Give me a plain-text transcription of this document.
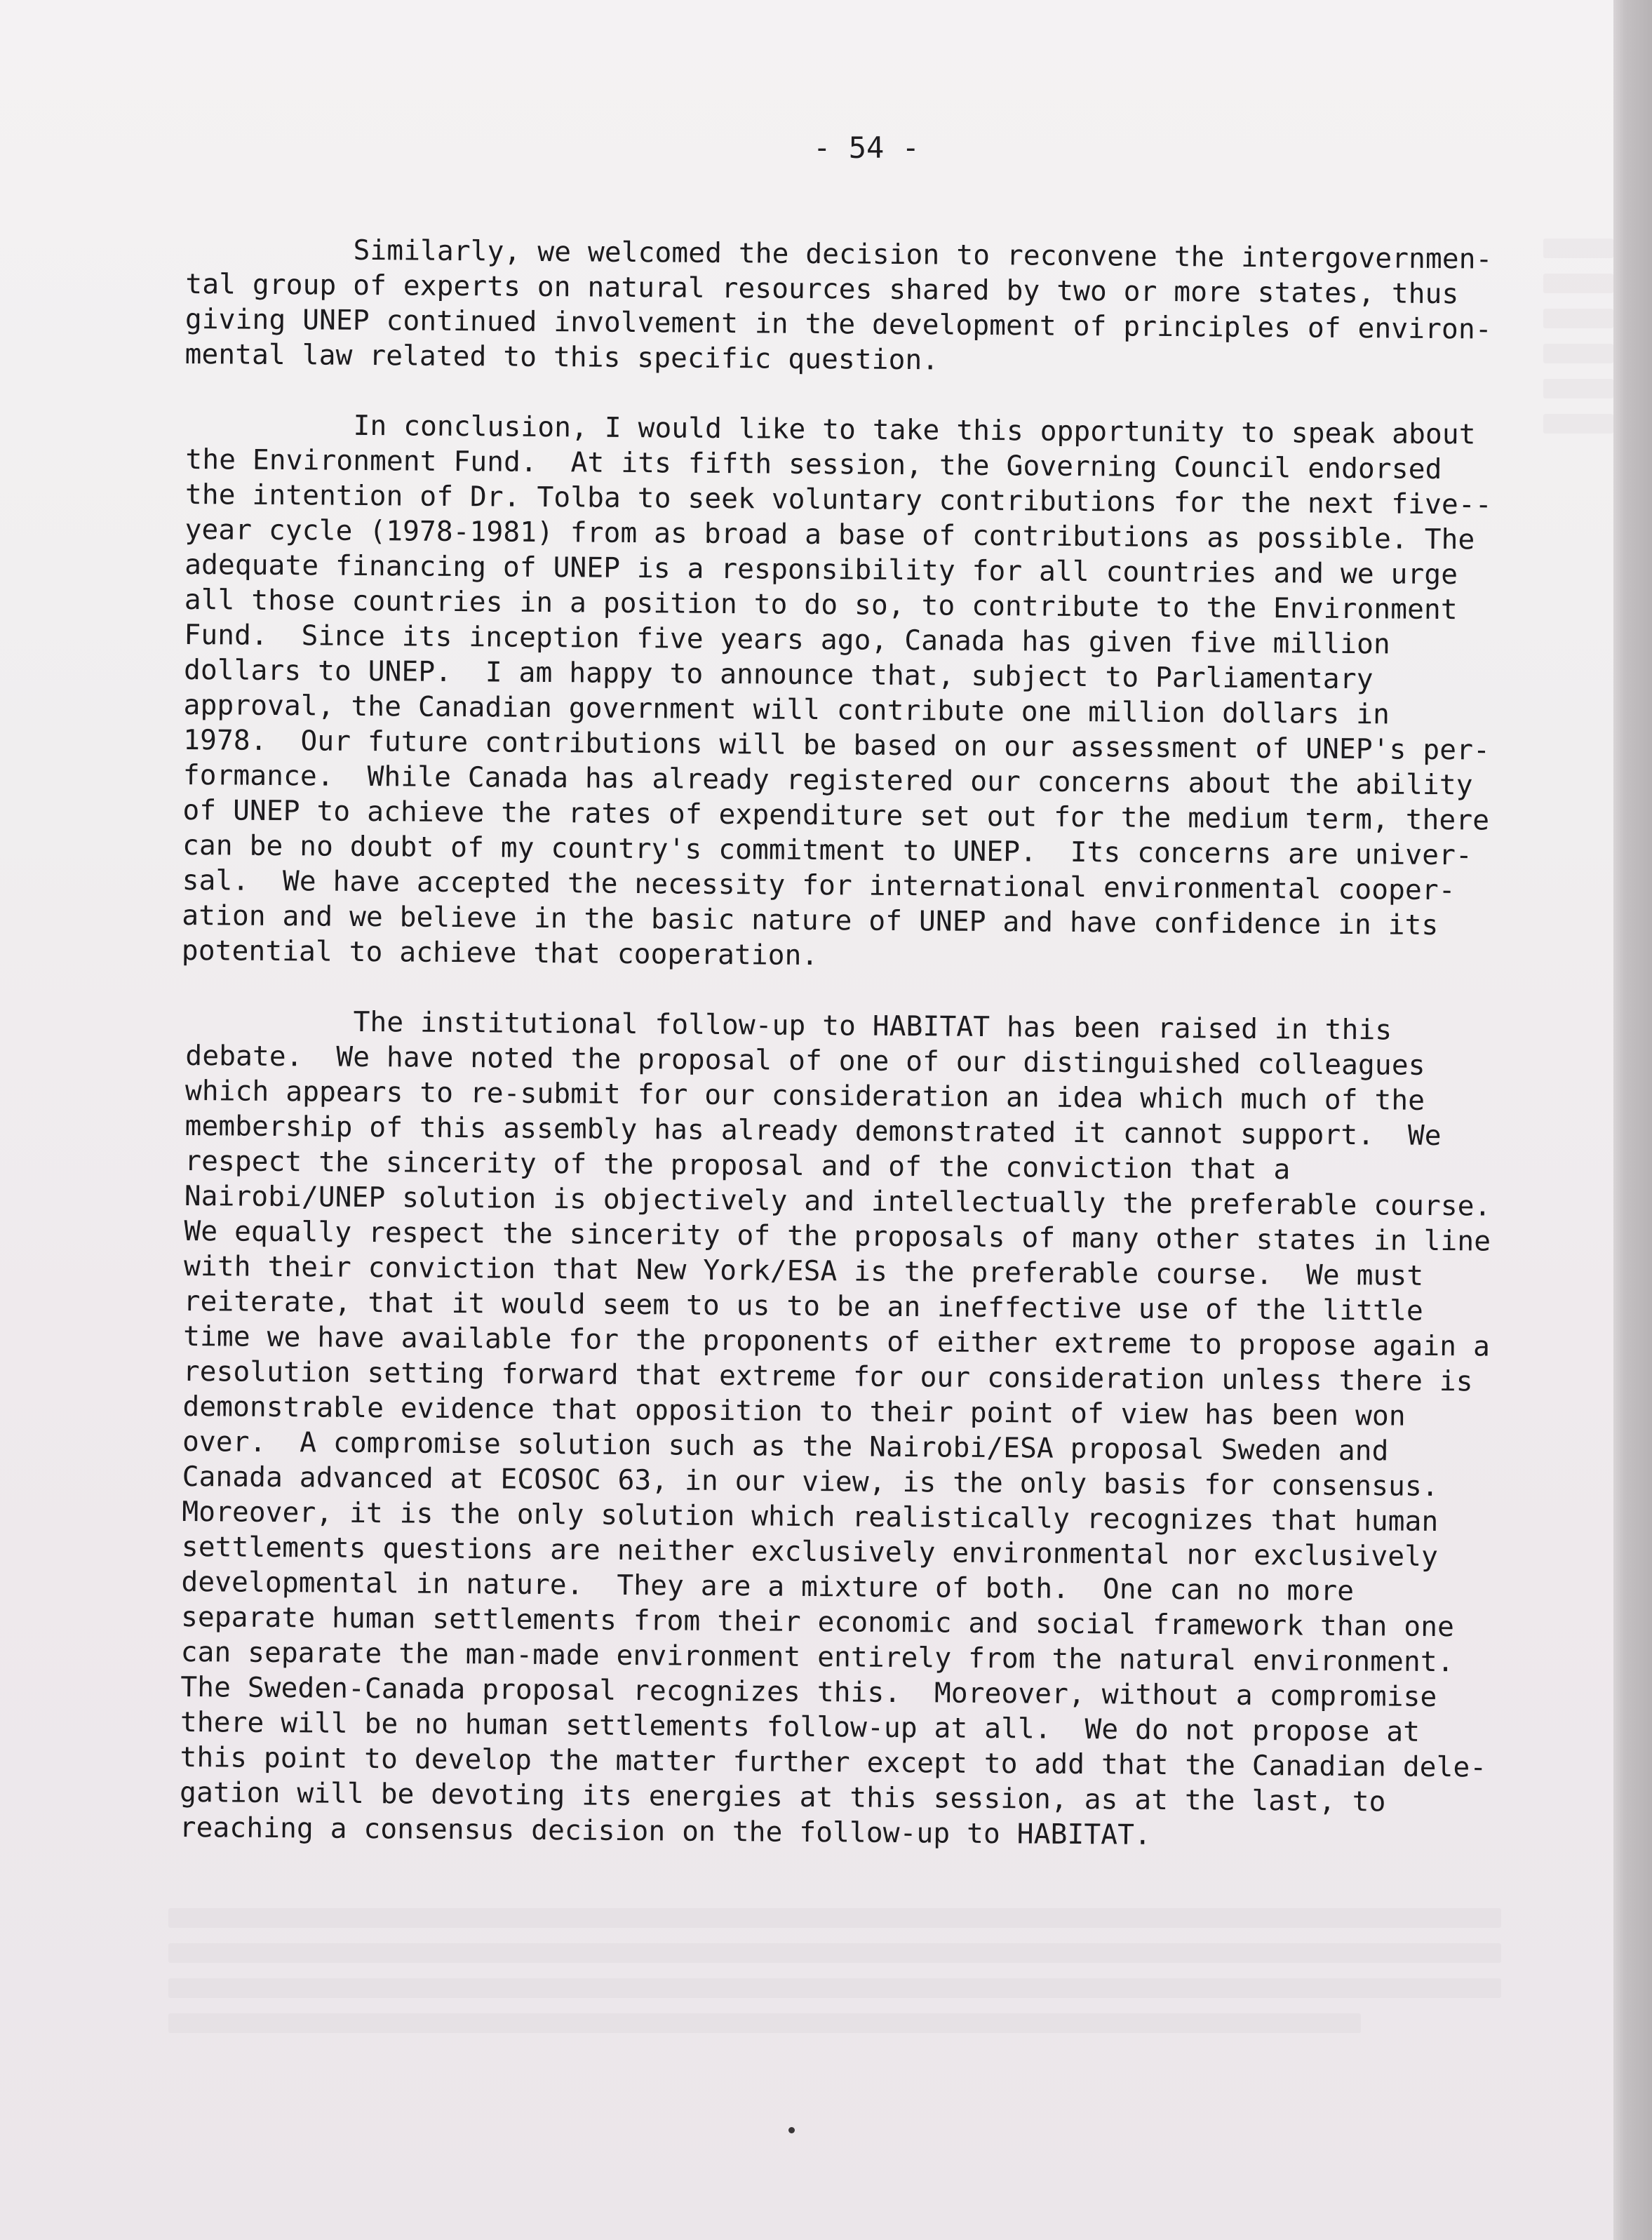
- 54 -

Similarly, we welcomed the decision to reconvene the intergovernmen-
tal group of experts on natural resources shared by two or more states, thus
giving UNEP continued involvement in the development of principles of environ-
mental law related to this specific question.

In conclusion, I would like to take this opportunity to speak about
the Environment Fund.  At its fifth session, the Governing Council endorsed
the intention of Dr. Tolba to seek voluntary contributions for the next five--
year cycle (1978-1981) from as broad a base of contributions as possible. The
adequate financing of UNEP is a responsibility for all countries and we urge
all those countries in a position to do so, to contribute to the Environment
Fund.  Since its inception five years ago, Canada has given five million
dollars to UNEP.  I am happy to announce that, subject to Parliamentary
approval, the Canadian government will contribute one million dollars in
1978.  Our future contributions will be based on our assessment of UNEP's per-
formance.  While Canada has already registered our concerns about the ability
of UNEP to achieve the rates of expenditure set out for the medium term, there
can be no doubt of my country's commitment to UNEP.  Its concerns are univer-
sal.  We have accepted the necessity for international environmental cooper-
ation and we believe in the basic nature of UNEP and have confidence in its
potential to achieve that cooperation.

The institutional follow-up to HABITAT has been raised in this
debate.  We have noted the proposal of one of our distinguished colleagues
which appears to re-submit for our consideration an idea which much of the
membership of this assembly has already demonstrated it cannot support.  We
respect the sincerity of the proposal and of the conviction that a
Nairobi/UNEP solution is objectively and intellectually the preferable course.
We equally respect the sincerity of the proposals of many other states in line
with their conviction that New York/ESA is the preferable course.  We must
reiterate, that it would seem to us to be an ineffective use of the little
time we have available for the proponents of either extreme to propose again a
resolution setting forward that extreme for our consideration unless there is
demonstrable evidence that opposition to their point of view has been won
over.  A compromise solution such as the Nairobi/ESA proposal Sweden and
Canada advanced at ECOSOC 63, in our view, is the only basis for consensus.
Moreover, it is the only solution which realistically recognizes that human
settlements questions are neither exclusively environmental nor exclusively
developmental in nature.  They are a mixture of both.  One can no more
separate human settlements from their economic and social framework than one
can separate the man-made environment entirely from the natural environment.
The Sweden-Canada proposal recognizes this.  Moreover, without a compromise
there will be no human settlements follow-up at all.  We do not propose at
this point to develop the matter further except to add that the Canadian dele-
gation will be devoting its energies at this session, as at the last, to
reaching a consensus decision on the follow-up to HABITAT.
